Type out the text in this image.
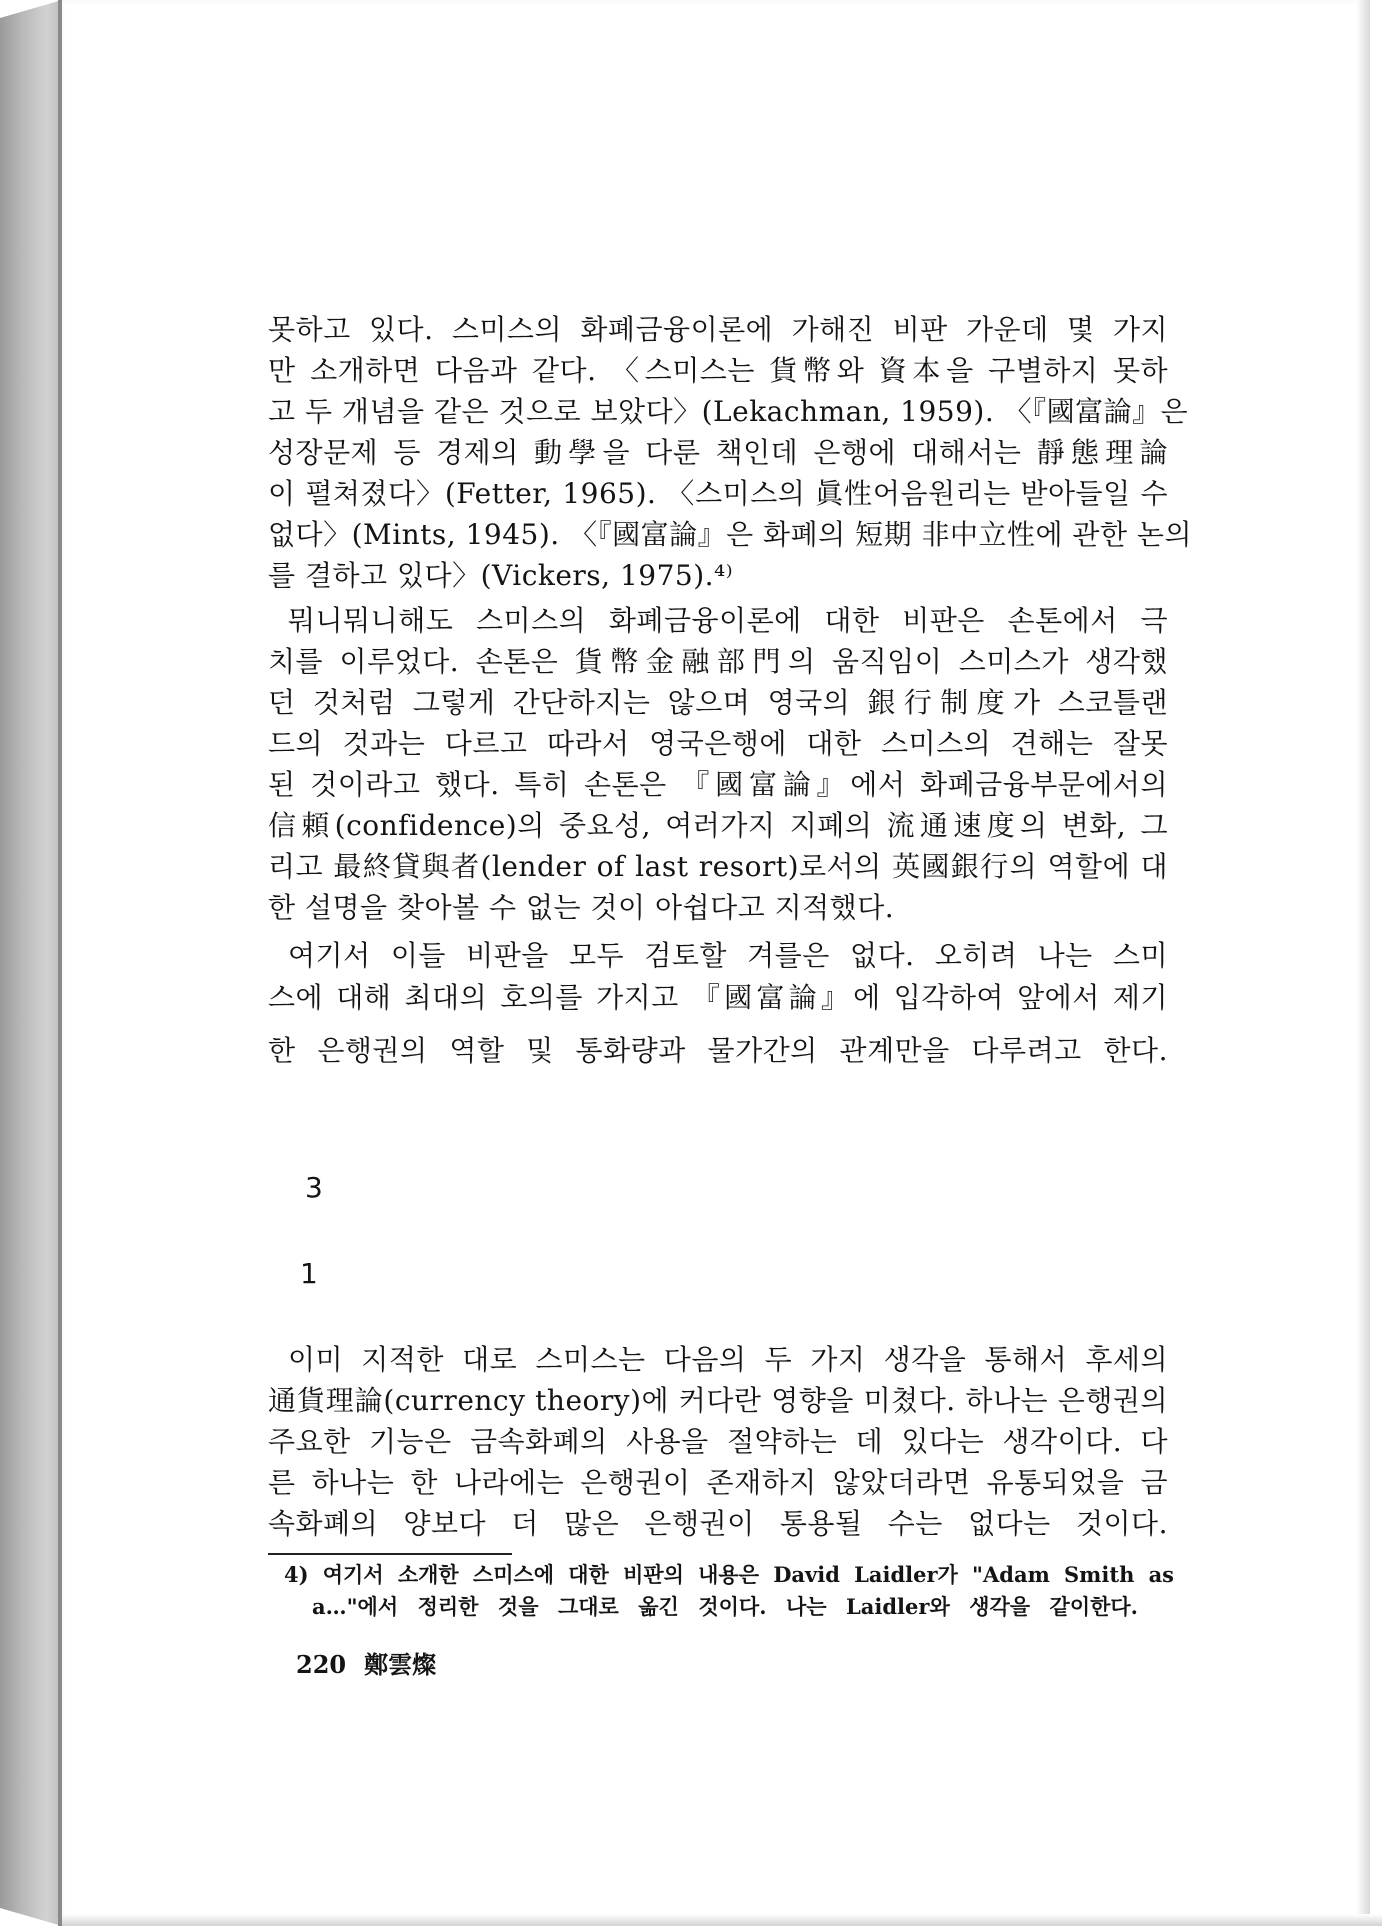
못하고 있다. 스미스의 화폐금융이론에 가해진 비판 가운데 몇 가지
만 소개하면 다음과 같다. 〈스미스는 貨幣와 資本을 구별하지 못하
고 두 개념을 같은 것으로 보았다〉(Lekachman, 1959). 〈『國富論』은
성장문제 등 경제의 動學을 다룬 책인데 은행에 대해서는 靜態理論
이 펼쳐졌다〉(Fetter, 1965). 〈스미스의 眞性어음원리는 받아들일 수
없다〉(Mints, 1945). 〈『國富論』은 화폐의 短期 非中立性에 관한 논의
를 결하고 있다〉(Vickers, 1975).⁴⁾
뭐니뭐니해도 스미스의 화폐금융이론에 대한 비판은 손톤에서 극
치를 이루었다. 손톤은 貨幣金融部門의 움직임이 스미스가 생각했
던 것처럼 그렇게 간단하지는 않으며 영국의 銀行制度가 스코틀랜
드의 것과는 다르고 따라서 영국은행에 대한 스미스의 견해는 잘못
된 것이라고 했다. 특히 손톤은 『國富論』에서 화폐금융부문에서의
信頼(confidence)의 중요성, 여러가지 지폐의 流通速度의 변화, 그
리고 最終貸與者(lender of last resort)로서의 英國銀行의 역할에 대
한 설명을 찾아볼 수 없는 것이 아쉽다고 지적했다.
여기서 이들 비판을 모두 검토할 겨를은 없다. 오히려 나는 스미
스에 대해 최대의 호의를 가지고 『國富論』에 입각하여 앞에서 제기
한 은행권의 역할 및 통화량과 물가간의 관계만을 다루려고 한다.
3
1
이미 지적한 대로 스미스는 다음의 두 가지 생각을 통해서 후세의
通貨理論(currency theory)에 커다란 영향을 미쳤다. 하나는 은행권의
주요한 기능은 금속화폐의 사용을 절약하는 데 있다는 생각이다. 다
른 하나는 한 나라에는 은행권이 존재하지 않았더라면 유통되었을 금
속화폐의 양보다 더 많은 은행권이 통용될 수는 없다는 것이다.
4) 여기서 소개한 스미스에 대한 비판의 내용은 David Laidler가 "Adam Smith as
a…"에서 정리한 것을 그대로 옮긴 것이다. 나는 Laidler와 생각을 같이한다.
220 鄭雲燦
